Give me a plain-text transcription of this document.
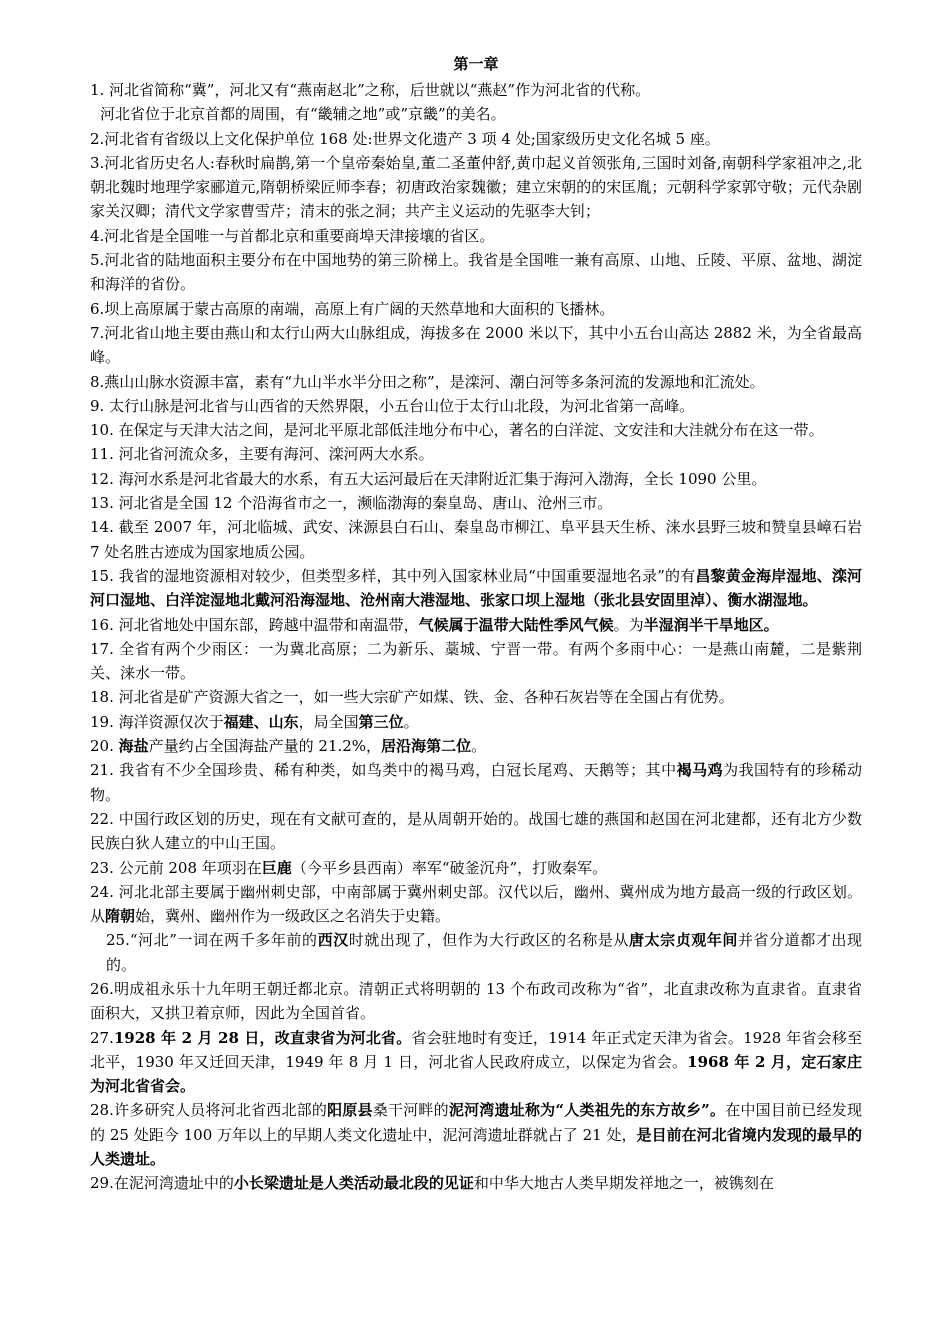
第一章
1. 河北省简称“冀”，河北又有“燕南赵北”之称，后世就以“燕赵”作为河北省的代称。
河北省位于北京首都的周围，有“畿辅之地”或”京畿”的美名。
2.河北省有省级以上文化保护单位 168 处:世界文化遗产 3 项 4 处;国家级历史文化名城 5 座。
3.河北省历史名人:春秋时扁鹊,第一个皇帝秦始皇,董二圣董仲舒,黄巾起义首领张角,三国时刘备,南朝科学家祖冲之,北朝北魏时地理学家郦道元,隋朝桥梁匠师李春；初唐政治家魏徽；建立宋朝的的宋匡胤；元朝科学家郭守敬；元代杂剧家关汉卿；清代文学家曹雪芹；清末的张之洞；共产主义运动的先驱李大钊；
4.河北省是全国唯一与首都北京和重要商埠天津接壤的省区。
5.河北省的陆地面积主要分布在中国地势的第三阶梯上。我省是全国唯一兼有高原、山地、丘陵、平原、盆地、湖淀和海洋的省份。
6.坝上高原属于蒙古高原的南端，高原上有广阔的天然草地和大面积的飞播林。
7.河北省山地主要由燕山和太行山两大山脉组成，海拔多在 2000 米以下，其中小五台山高达 2882 米，为全省最高峰。
8.燕山山脉水资源丰富，素有“九山半水半分田之称”，是滦河、潮白河等多条河流的发源地和汇流处。
9. 太行山脉是河北省与山西省的天然界限，小五台山位于太行山北段，为河北省第一高峰。
10. 在保定与天津大沽之间，是河北平原北部低洼地分布中心，著名的白洋淀、文安洼和大洼就分布在这一带。
11. 河北省河流众多，主要有海河、滦河两大水系。
12. 海河水系是河北省最大的水系，有五大运河最后在天津附近汇集于海河入渤海，全长 1090 公里。
13. 河北省是全国 12 个沿海省市之一，濒临渤海的秦皇岛、唐山、沧州三市。
14. 截至 2007 年，河北临城、武安、涞源县白石山、秦皇岛市柳江、阜平县天生桥、涞水县野三坡和赞皇县嶂石岩 7 处名胜古迹成为国家地质公园。
15. 我省的湿地资源相对较少，但类型多样，其中列入国家林业局“中国重要湿地名录”的有昌黎黄金海岸湿地、滦河河口湿地、白洋淀湿地北戴河沿海湿地、沧州南大港湿地、张家口坝上湿地（张北县安固里淖）、衡水湖湿地。
16. 河北省地处中国东部，跨越中温带和南温带，气候属于温带大陆性季风气候。为半湿润半干旱地区。
17. 全省有两个少雨区：一为冀北高原；二为新乐、藁城、宁晋一带。有两个多雨中心：一是燕山南麓，二是紫荆关、涞水一带。
18. 河北省是矿产资源大省之一，如一些大宗矿产如煤、铁、金、各种石灰岩等在全国占有优势。
19. 海洋资源仅次于福建、山东，局全国第三位。
20. 海盐产量约占全国海盐产量的 21.2%，居沿海第二位。
21. 我省有不少全国珍贵、稀有种类，如鸟类中的褐马鸡，白冠长尾鸡、天鹅等；其中褐马鸡为我国特有的珍稀动物。
22. 中国行政区划的历史，现在有文献可查的，是从周朝开始的。战国七雄的燕国和赵国在河北建都，还有北方少数民族白狄人建立的中山王国。
23. 公元前 208 年项羽在巨鹿（今平乡县西南）率军“破釜沉舟”，打败秦军。
24. 河北北部主要属于幽州刺史部，中南部属于冀州刺史部。汉代以后，幽州、冀州成为地方最高一级的行政区划。从隋朝始，冀州、幽州作为一级政区之名消失于史籍。
25.“河北”一词在两千多年前的西汉时就出现了，但作为大行政区的名称是从唐太宗贞观年间并省分道都才出现的。
26.明成祖永乐十九年明王朝迁都北京。清朝正式将明朝的 13 个布政司改称为“省”，北直隶改称为直隶省。直隶省面积大，又拱卫着京师，因此为全国首省。
27.1928 年 2 月 28 日，改直隶省为河北省。省会驻地时有变迁，1914 年正式定天津为省会。1928 年省会移至北平，1930 年又迁回天津，1949 年 8 月 1 日，河北省人民政府成立，以保定为省会。1968 年 2 月，定石家庄为河北省省会。
28.许多研究人员将河北省西北部的阳原县桑干河畔的泥河湾遗址称为“人类祖先的东方故乡”。在中国目前已经发现的 25 处距今 100 万年以上的早期人类文化遗址中，泥河湾遗址群就占了 21 处，是目前在河北省境内发现的最早的人类遗址。
29.在泥河湾遗址中的小长梁遗址是人类活动最北段的见证和中华大地古人类早期发祥地之一，被镌刻在
